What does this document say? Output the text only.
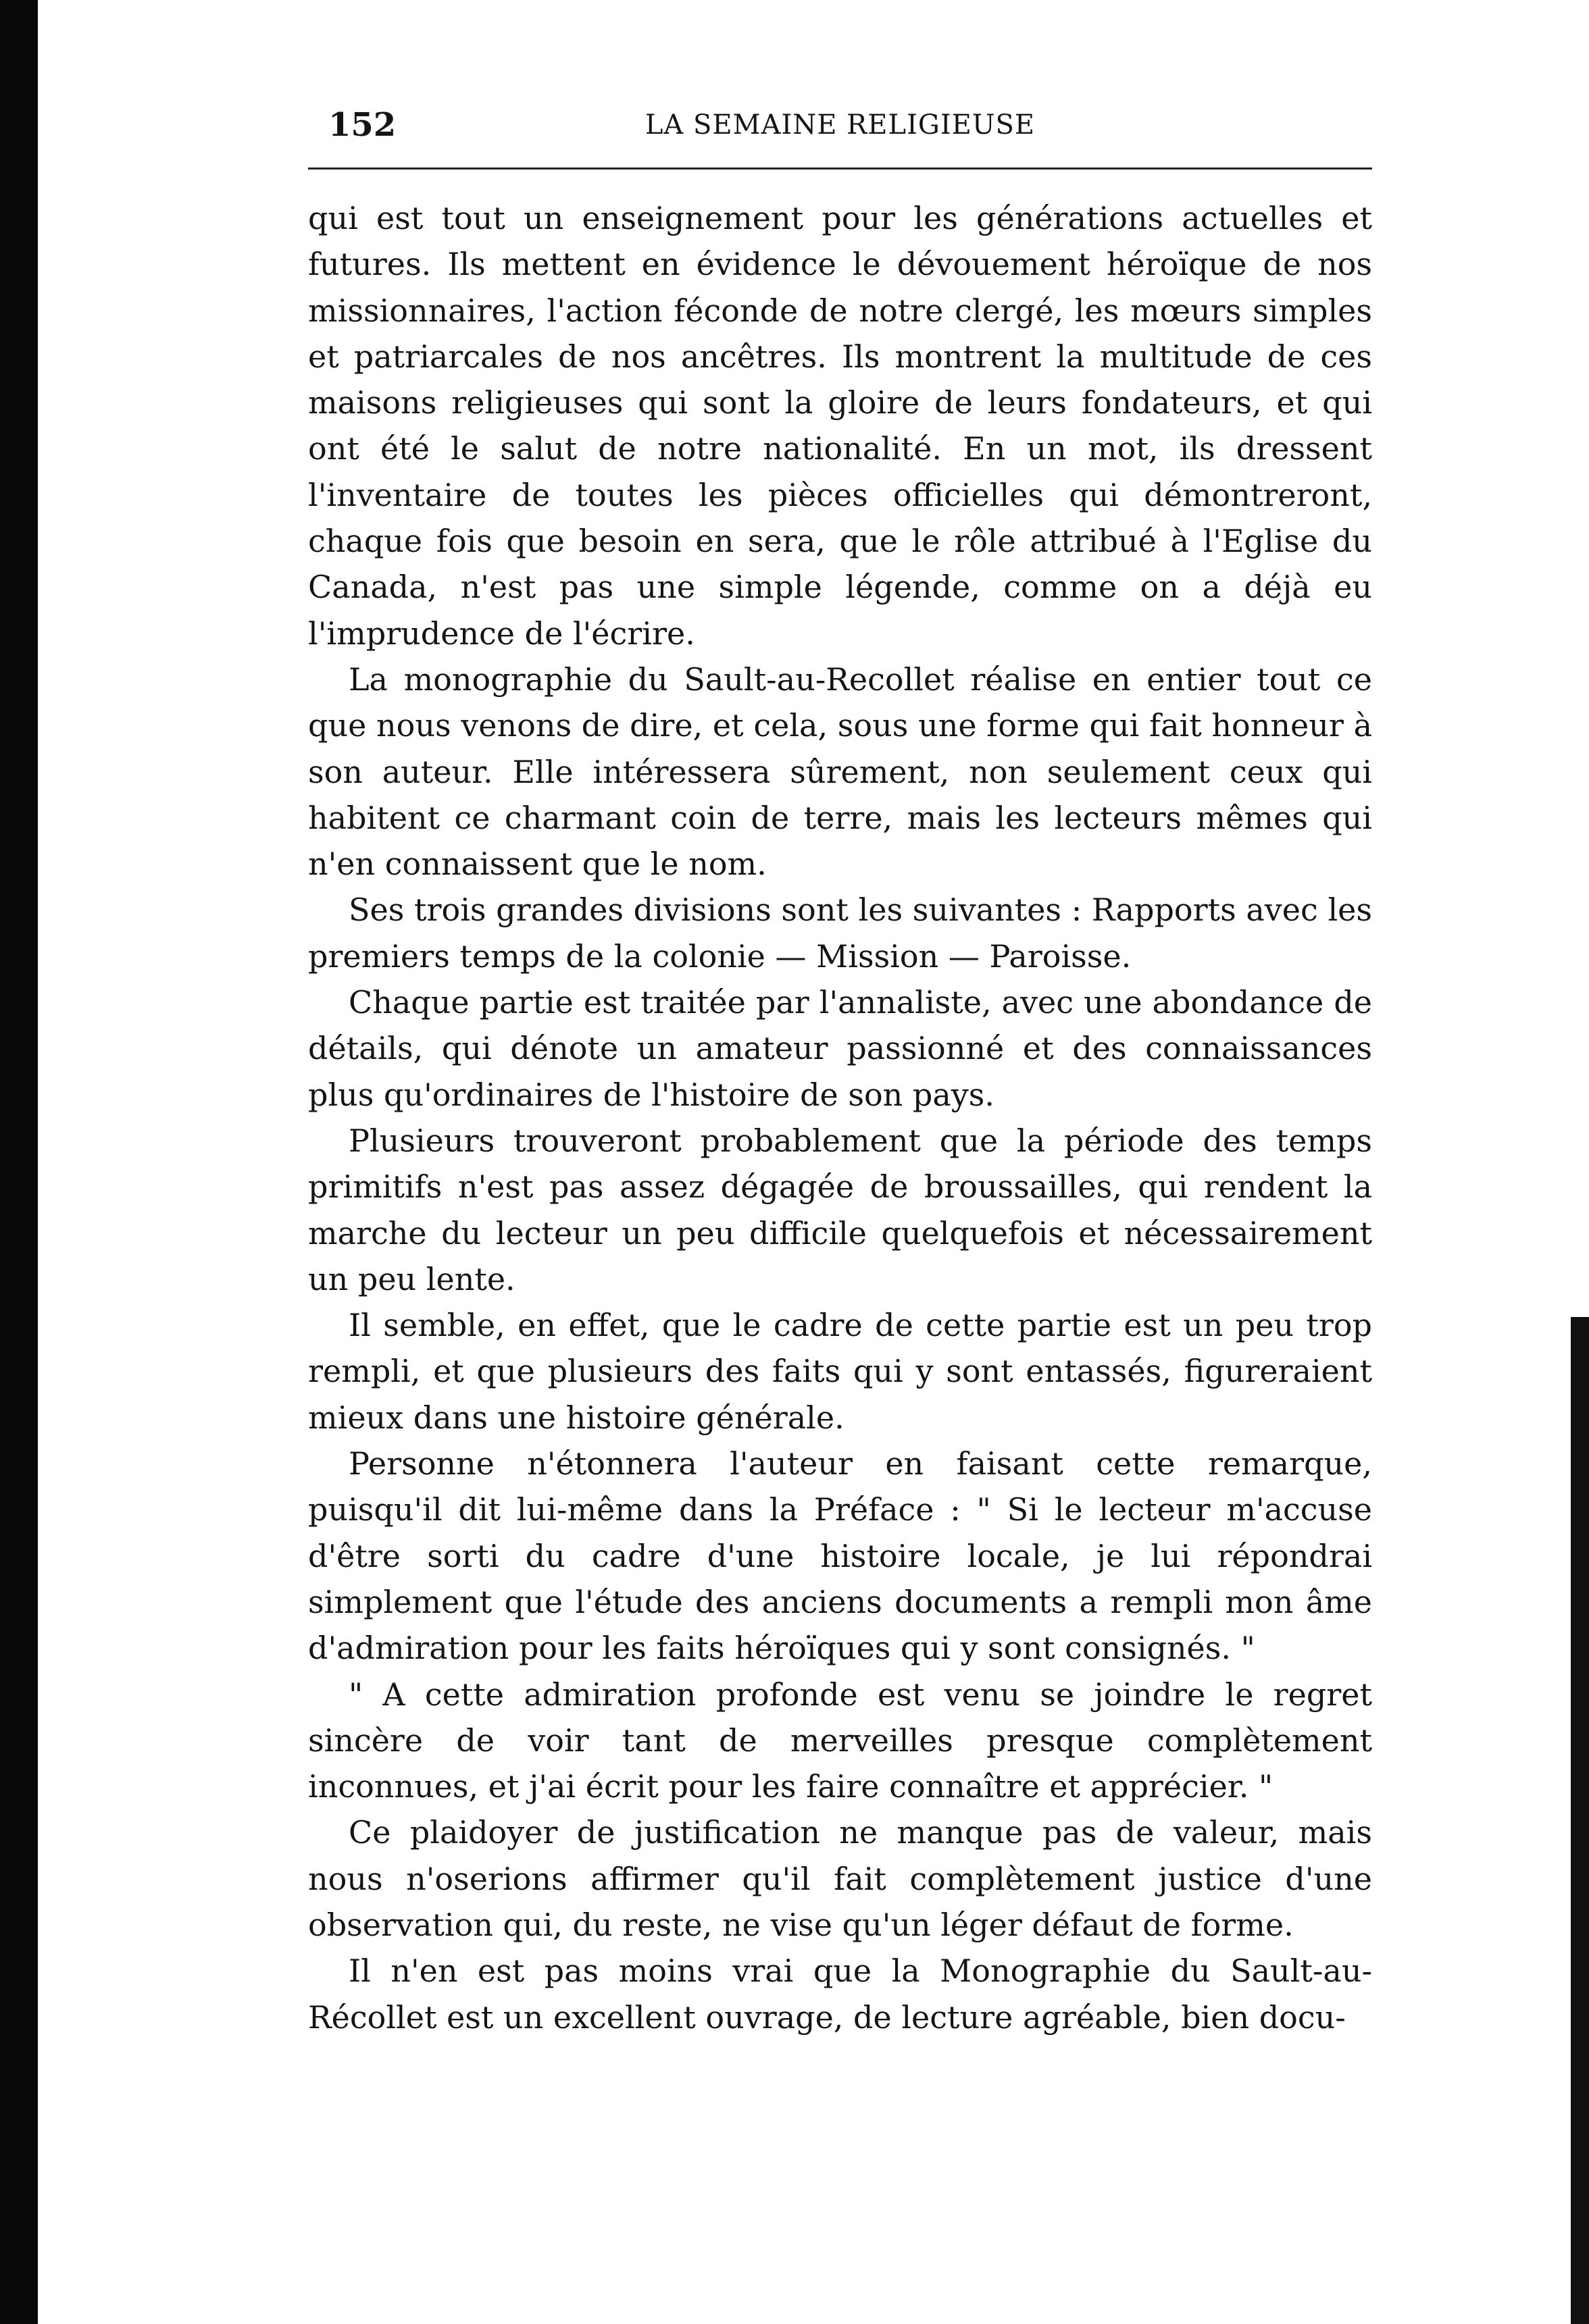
152	LA SEMAINE RELIGIEUSE

qui est tout un enseignement pour les générations actuelles et futures. Ils mettent en évidence le dévouement héroïque de nos missionnaires, l'action féconde de notre clergé, les mœurs simples et patriarcales de nos ancêtres. Ils montrent la multitude de ces maisons religieuses qui sont la gloire de leurs fondateurs, et qui ont été le salut de notre nationalité. En un mot, ils dressent l'inventaire de toutes les pièces officielles qui démontreront, chaque fois que besoin en sera, que le rôle attribué à l'Eglise du Canada, n'est pas une simple légende, comme on a déjà eu l'imprudence de l'écrire.

La monographie du Sault-au-Recollet réalise en entier tout ce que nous venons de dire, et cela, sous une forme qui fait honneur à son auteur. Elle intéressera sûrement, non seulement ceux qui habitent ce charmant coin de terre, mais les lecteurs mêmes qui n'en connaissent que le nom.

Ses trois grandes divisions sont les suivantes : Rapports avec les premiers temps de la colonie — Mission — Paroisse.

Chaque partie est traitée par l'annaliste, avec une abondance de détails, qui dénote un amateur passionné et des connaissances plus qu'ordinaires de l'histoire de son pays.

Plusieurs trouveront probablement que la période des temps primitifs n'est pas assez dégagée de broussailles, qui rendent la marche du lecteur un peu difficile quelquefois et nécessairement un peu lente.

Il semble, en effet, que le cadre de cette partie est un peu trop rempli, et que plusieurs des faits qui y sont entassés, figureraient mieux dans une histoire générale.

Personne n'étonnera l'auteur en faisant cette remarque, puisqu'il dit lui-même dans la Préface : " Si le lecteur m'accuse d'être sorti du cadre d'une histoire locale, je lui répondrai simplement que l'étude des anciens documents a rempli mon âme d'admiration pour les faits héroïques qui y sont consignés. "

" A cette admiration profonde est venu se joindre le regret sincère de voir tant de merveilles presque complètement inconnues, et j'ai écrit pour les faire connaître et apprécier. "

Ce plaidoyer de justification ne manque pas de valeur, mais nous n'oserions affirmer qu'il fait complètement justice d'une observation qui, du reste, ne vise qu'un léger défaut de forme.

Il n'en est pas moins vrai que la Monographie du Sault-au-Récollet est un excellent ouvrage, de lecture agréable, bien docu-
